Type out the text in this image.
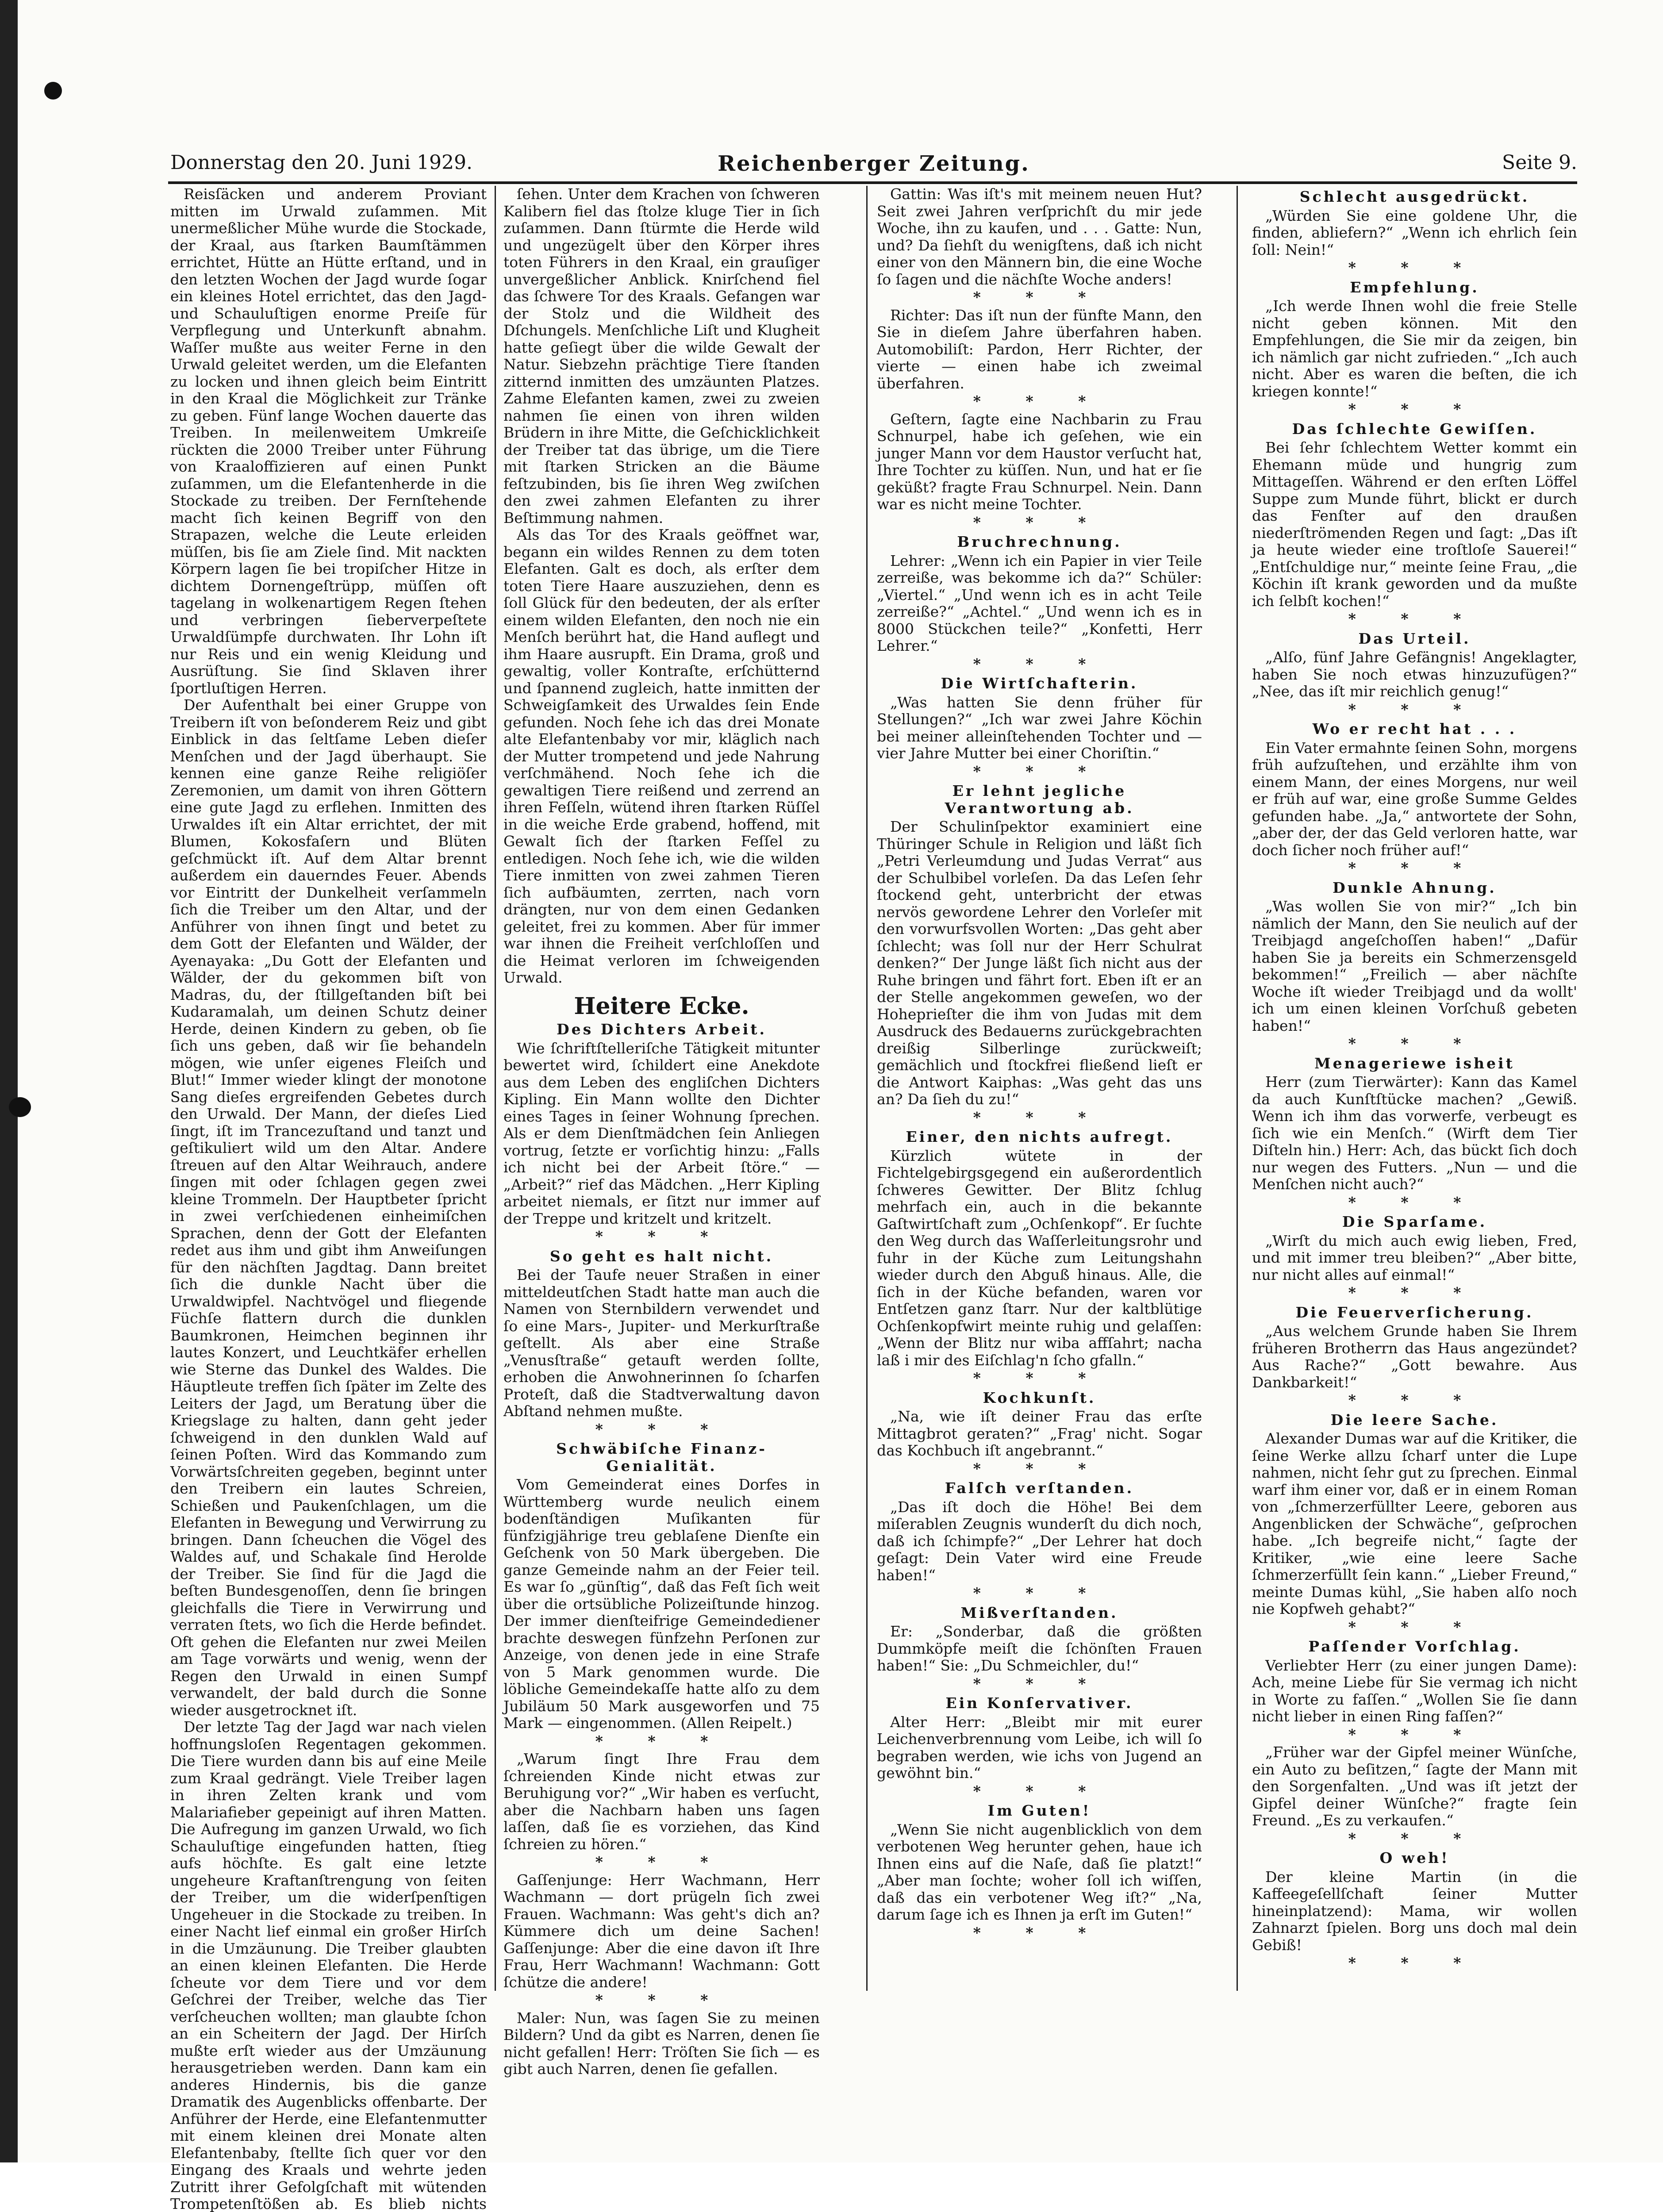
Donnerstag den 20. Juni 1929.	Reichenberger Zeitung.	Seite 9.

Reisſäcken und anderem Proviant mitten im Urwald zuſammen. Mit unermeßlicher Mühe wurde die Stockade, der Kraal, aus ſtarken Baumſtämmen errichtet, Hütte an Hütte erſtand, und in den letzten Wochen der Jagd wurde ſogar ein kleines Hotel errichtet, das den Jagd- und Schauluſtigen enorme Preiſe für Verpflegung und Unterkunft abnahm. Waſſer mußte aus weiter Ferne in den Urwald geleitet werden, um die Elefanten zu locken und ihnen gleich beim Eintritt in den Kraal die Möglichkeit zur Tränke zu geben. Fünf lange Wochen dauerte das Treiben. In meilenweitem Umkreiſe rückten die 2000 Treiber unter Führung von Kraaloffizieren auf einen Punkt zuſammen, um die Elefantenherde in die Stockade zu treiben. Der Fernſtehende macht ſich keinen Begriff von den Strapazen, welche die Leute erleiden müſſen, bis ſie am Ziele ſind. Mit nackten Körpern lagen ſie bei tropiſcher Hitze in dichtem Dornengeſtrüpp, müſſen oft tagelang in wolkenartigem Regen ſtehen und verbringen ſieberverpeſtete Urwaldſümpfe durchwaten. Ihr Lohn iſt nur Reis und ein wenig Kleidung und Ausrüſtung. Sie ſind Sklaven ihrer ſportluſtigen Herren.

Der Aufenthalt bei einer Gruppe von Treibern iſt von beſonderem Reiz und gibt Einblick in das ſeltſame Leben dieſer Menſchen und der Jagd überhaupt. Sie kennen eine ganze Reihe religiöſer Zeremonien, um damit von ihren Göttern eine gute Jagd zu erflehen. Inmitten des Urwaldes iſt ein Altar errichtet, der mit Blumen, Kokosfaſern und Blüten geſchmückt iſt. Auf dem Altar brennt außerdem ein dauerndes Feuer. Abends vor Eintritt der Dunkelheit verſammeln ſich die Treiber um den Altar, und der Anführer von ihnen ſingt und betet zu dem Gott der Elefanten und Wälder, der Ayenayaka: „Du Gott der Elefanten und Wälder, der du gekommen biſt von Madras, du, der ſtillgeſtanden biſt bei Kudaramalah, um deinen Schutz deiner Herde, deinen Kindern zu geben, ob ſie ſich uns geben, daß wir ſie behandeln mögen, wie unſer eigenes Fleiſch und Blut!“ Immer wieder klingt der monotone Sang dieſes ergreifenden Gebetes durch den Urwald. Der Mann, der dieſes Lied ſingt, iſt im Trancezuſtand und tanzt und geſtikuliert wild um den Altar. Andere ſtreuen auf den Altar Weihrauch, andere ſingen mit oder ſchlagen gegen zwei kleine Trommeln. Der Hauptbeter ſpricht in zwei verſchiedenen einheimiſchen Sprachen, denn der Gott der Elefanten redet aus ihm und gibt ihm Anweiſungen für den nächſten Jagdtag. Dann breitet ſich die dunkle Nacht über die Urwaldwipfel. Nachtvögel und fliegende Füchſe flattern durch die dunklen Baumkronen, Heimchen beginnen ihr lautes Konzert, und Leuchtkäfer erhellen wie Sterne das Dunkel des Waldes. Die Häuptleute treffen ſich ſpäter im Zelte des Leiters der Jagd, um Beratung über die Kriegslage zu halten, dann geht jeder ſchweigend in den dunklen Wald auf ſeinen Poſten. Wird das Kommando zum Vorwärtsſchreiten gegeben, beginnt unter den Treibern ein lautes Schreien, Schießen und Paukenſchlagen, um die Elefanten in Bewegung und Verwirrung zu bringen. Dann ſcheuchen die Vögel des Waldes auf, und Schakale ſind Herolde der Treiber. Sie ſind für die Jagd die beſten Bundesgenoſſen, denn ſie bringen gleichfalls die Tiere in Verwirrung und verraten ſtets, wo ſich die Herde befindet. Oft gehen die Elefanten nur zwei Meilen am Tage vorwärts und wenig, wenn der Regen den Urwald in einen Sumpf verwandelt, der bald durch die Sonne wieder ausgetrocknet iſt.

Der letzte Tag der Jagd war nach vielen hoffnungsloſen Regentagen gekommen. Die Tiere wurden dann bis auf eine Meile zum Kraal gedrängt. Viele Treiber lagen in ihren Zelten krank und vom Malariafieber gepeinigt auf ihren Matten. Die Aufregung im ganzen Urwald, wo ſich Schauluſtige eingefunden hatten, ſtieg aufs höchſte. Es galt eine letzte ungeheure Kraftanſtrengung von ſeiten der Treiber, um die widerſpenſtigen Ungeheuer in die Stockade zu treiben. In einer Nacht lief einmal ein großer Hirſch in die Umzäunung. Die Treiber glaubten an einen kleinen Elefanten. Die Herde ſcheute vor dem Tiere und vor dem Geſchrei der Treiber, welche das Tier verſcheuchen wollten; man glaubte ſchon an ein Scheitern der Jagd. Der Hirſch mußte erſt wieder aus der Umzäunung herausgetrieben werden. Dann kam ein anderes Hindernis, bis die ganze Dramatik des Augenblicks offenbarte. Der Anführer der Herde, eine Elefantenmutter mit einem kleinen drei Monate alten Elefantenbaby, ſtellte ſich quer vor den Eingang des Kraals und wehrte jeden Zutritt ihrer Gefolgſchaft mit wütenden Trompetenſtößen ab. Es blieb nichts

ſehen. Unter dem Krachen von ſchweren Kalibern fiel das ſtolze kluge Tier in ſich zuſammen. Dann ſtürmte die Herde wild und ungezügelt über den Körper ihres toten Führers in den Kraal, ein grauſiger unvergeßlicher Anblick. Knirſchend fiel das ſchwere Tor des Kraals. Gefangen war der Stolz und die Wildheit des Dſchungels. Menſchliche Liſt und Klugheit hatte geſiegt über die wilde Gewalt der Natur. Siebzehn prächtige Tiere ſtanden zitternd inmitten des umzäunten Platzes. Zahme Elefanten kamen, zwei zu zweien nahmen ſie einen von ihren wilden Brüdern in ihre Mitte, die Geſchicklichkeit der Treiber tat das übrige, um die Tiere mit ſtarken Stricken an die Bäume feſtzubinden, bis ſie ihren Weg zwiſchen den zwei zahmen Elefanten zu ihrer Beſtimmung nahmen.

Als das Tor des Kraals geöffnet war, begann ein wildes Rennen zu dem toten Elefanten. Galt es doch, als erſter dem toten Tiere Haare auszuziehen, denn es ſoll Glück für den bedeuten, der als erſter einem wilden Elefanten, den noch nie ein Menſch berührt hat, die Hand auflegt und ihm Haare ausrupft. Ein Drama, groß und gewaltig, voller Kontraſte, erſchütternd und ſpannend zugleich, hatte inmitten der Schweigſamkeit des Urwaldes ſein Ende gefunden. Noch ſehe ich das drei Monate alte Elefantenbaby vor mir, kläglich nach der Mutter trompetend und jede Nahrung verſchmähend. Noch ſehe ich die gewaltigen Tiere reißend und zerrend an ihren Feſſeln, wütend ihren ſtarken Rüſſel in die weiche Erde grabend, hoffend, mit Gewalt ſich der ſtarken Feſſel zu entledigen. Noch ſehe ich, wie die wilden Tiere inmitten von zwei zahmen Tieren ſich aufbäumten, zerrten, nach vorn drängten, nur von dem einen Gedanken geleitet, frei zu kommen. Aber für immer war ihnen die Freiheit verſchloſſen und die Heimat verloren im ſchweigenden Urwald.

Heitere Ecke.
Des Dichters Arbeit.

Wie ſchriftſtelleriſche Tätigkeit mitunter bewertet wird, ſchildert eine Anekdote aus dem Leben des engliſchen Dichters Kipling. Ein Mann wollte den Dichter eines Tages in ſeiner Wohnung ſprechen. Als er dem Dienſtmädchen ſein Anliegen vortrug, ſetzte er vorſichtig hinzu: „Falls ich nicht bei der Arbeit ſtöre.“ — „Arbeit?“ rief das Mädchen. „Herr Kipling arbeitet niemals, er ſitzt nur immer auf der Treppe und kritzelt und kritzelt.

* * *
So geht es halt nicht.

Bei der Taufe neuer Straßen in einer mitteldeutſchen Stadt hatte man auch die Namen von Sternbildern verwendet und ſo eine Mars-, Jupiter- und Merkurſtraße geſtellt. Als aber eine Straße „Venusſtraße“ getauft werden ſollte, erhoben die Anwohnerinnen ſo ſcharfen Proteſt, daß die Stadtverwaltung davon Abſtand nehmen mußte.

* * *
Schwäbiſche Finanz-Genialität.

Vom Gemeinderat eines Dorfes in Württemberg wurde neulich einem bodenſtändigen Muſikanten für fünfzigjährige treu geblaſene Dienſte ein Geſchenk von 50 Mark übergeben. Die ganze Gemeinde nahm an der Feier teil. Es war ſo „günſtig“, daß das Feſt ſich weit über die ortsübliche Polizeiſtunde hinzog. Der immer dienſteifrige Gemeindediener brachte deswegen fünfzehn Perſonen zur Anzeige, von denen jede in eine Strafe von 5 Mark genommen wurde. Die löbliche Gemeindekaſſe hatte alſo zu dem Jubiläum 50 Mark ausgeworfen und 75 Mark — eingenommen. (Allen Reipelt.)

* * *

„Warum ſingt Ihre Frau dem ſchreienden Kinde nicht etwas zur Beruhigung vor?“ „Wir haben es verſucht, aber die Nachbarn haben uns ſagen laſſen, daß ſie es vorziehen, das Kind ſchreien zu hören.“

* * *

Gaſſenjunge: Herr Wachmann, Herr Wachmann — dort prügeln ſich zwei Frauen. Wachmann: Was geht's dich an? Kümmere dich um deine Sachen! Gaſſenjunge: Aber die eine davon iſt Ihre Frau, Herr Wachmann! Wachmann: Gott ſchütze die andere!

* * *

Maler: Nun, was ſagen Sie zu meinen Bildern? Und da gibt es Narren, denen ſie nicht gefallen! Herr: Tröſten Sie ſich — es gibt auch Narren, denen ſie gefallen.

Gattin: Was iſt's mit meinem neuen Hut? Seit zwei Jahren verſprichſt du mir jede Woche, ihn zu kaufen, und . . . Gatte: Nun, und? Da ſiehſt du wenigſtens, daß ich nicht einer von den Männern bin, die eine Woche ſo ſagen und die nächſte Woche anders!

* * *

Richter: Das iſt nun der fünfte Mann, den Sie in dieſem Jahre überfahren haben. Automobiliſt: Pardon, Herr Richter, der vierte — einen habe ich zweimal überfahren.

* * *

Geſtern, ſagte eine Nachbarin zu Frau Schnurpel, habe ich geſehen, wie ein junger Mann vor dem Haustor verſucht hat, Ihre Tochter zu küſſen. Nun, und hat er ſie geküßt? fragte Frau Schnurpel. Nein. Dann war es nicht meine Tochter.

* * *
Bruchrechnung.

Lehrer: „Wenn ich ein Papier in vier Teile zerreiße, was bekomme ich da?“ Schüler: „Viertel.“ „Und wenn ich es in acht Teile zerreiße?“ „Achtel.“ „Und wenn ich es in 8000 Stückchen teile?“ „Konfetti, Herr Lehrer.“

* * *
Die Wirtſchafterin.

„Was hatten Sie denn früher für Stellungen?“ „Ich war zwei Jahre Köchin bei meiner alleinſtehenden Tochter und — vier Jahre Mutter bei einer Choriſtin.“

* * *
Er lehnt jegliche Verantwortung ab.

Der Schulinſpektor examiniert eine Thüringer Schule in Religion und läßt ſich „Petri Verleumdung und Judas Verrat“ aus der Schulbibel vorleſen. Da das Leſen ſehr ſtockend geht, unterbricht der etwas nervös gewordene Lehrer den Vorleſer mit den vorwurfsvollen Worten: „Das geht aber ſchlecht; was ſoll nur der Herr Schulrat denken?“ Der Junge läßt ſich nicht aus der Ruhe bringen und fährt fort. Eben iſt er an der Stelle angekommen geweſen, wo der Hoheprieſter die ihm von Judas mit dem Ausdruck des Bedauerns zurückgebrachten dreißig Silberlinge zurückweiſt; gemächlich und ſtockfrei fließend lieſt er die Antwort Kaiphas: „Was geht das uns an? Da ſieh du zu!“

* * *
Einer, den nichts aufregt.

Kürzlich wütete in der Fichtelgebirgsgegend ein außerordentlich ſchweres Gewitter. Der Blitz ſchlug mehrfach ein, auch in die bekannte Gaſtwirtſchaft zum „Ochſenkopf“. Er ſuchte den Weg durch das Waſſerleitungsrohr und fuhr in der Küche zum Leitungshahn wieder durch den Abguß hinaus. Alle, die ſich in der Küche befanden, waren vor Entſetzen ganz ſtarr. Nur der kaltblütige Ochſenkopfwirt meinte ruhig und gelaſſen: „Wenn der Blitz nur wiba affſahrt; nacha laß i mir des Eiſchlag'n ſcho gfalln.“

* * *
Kochkunſt.

„Na, wie iſt deiner Frau das erſte Mittagbrot geraten?“ „Frag' nicht. Sogar das Kochbuch iſt angebrannt.“

* * *
Falſch verſtanden.

„Das iſt doch die Höhe! Bei dem miſerablen Zeugnis wunderſt du dich noch, daß ich ſchimpfe?“ „Der Lehrer hat doch geſagt: Dein Vater wird eine Freude haben!“

* * *
Mißverſtanden.

Er: „Sonderbar, daß die größten Dummköpfe meiſt die ſchönſten Frauen haben!“ Sie: „Du Schmeichler, du!“

* * *
Ein Konſervativer.

Alter Herr: „Bleibt mir mit eurer Leichenverbrennung vom Leibe, ich will ſo begraben werden, wie ichs von Jugend an gewöhnt bin.“

* * *
Im Guten!

„Wenn Sie nicht augenblicklich von dem verbotenen Weg herunter gehen, haue ich Ihnen eins auf die Naſe, daß ſie platzt!“ „Aber man ſochte; woher ſoll ich wiſſen, daß das ein verbotener Weg iſt?“ „Na, darum ſage ich es Ihnen ja erſt im Guten!“

* * *
Schlecht ausgedrückt.

„Würden Sie eine goldene Uhr, die finden, abliefern?“ „Wenn ich ehrlich ſein ſoll: Nein!“

* * *
Empfehlung.

„Ich werde Ihnen wohl die freie Stelle nicht geben können. Mit den Empfehlungen, die Sie mir da zeigen, bin ich nämlich gar nicht zufrieden.“ „Ich auch nicht. Aber es waren die beſten, die ich kriegen konnte!“

* * *
Das ſchlechte Gewiſſen.

Bei ſehr ſchlechtem Wetter kommt ein Ehemann müde und hungrig zum Mittageſſen. Während er den erſten Löffel Suppe zum Munde führt, blickt er durch das Fenſter auf den draußen niederſtrömenden Regen und ſagt: „Das iſt ja heute wieder eine troſtloſe Sauerei!“ „Entſchuldige nur,“ meinte ſeine Frau, „die Köchin iſt krank geworden und da mußte ich ſelbſt kochen!“

* * *
Das Urteil.

„Alſo, fünf Jahre Gefängnis! Angeklagter, haben Sie noch etwas hinzuzufügen?“ „Nee, das iſt mir reichlich genug!“

* * *
Wo er recht hat . . .

Ein Vater ermahnte ſeinen Sohn, morgens früh aufzuſtehen, und erzählte ihm von einem Mann, der eines Morgens, nur weil er früh auf war, eine große Summe Geldes gefunden habe. „Ja,“ antwortete der Sohn, „aber der, der das Geld verloren hatte, war doch ſicher noch früher auf!“

* * *
Dunkle Ahnung.

„Was wollen Sie von mir?“ „Ich bin nämlich der Mann, den Sie neulich auf der Treibjagd angeſchoſſen haben!“ „Dafür haben Sie ja bereits ein Schmerzensgeld bekommen!“ „Freilich — aber nächſte Woche iſt wieder Treibjagd und da wollt' ich um einen kleinen Vorſchuß gebeten haben!“

* * *
Menageriewe isheit

Herr (zum Tierwärter): Kann das Kamel da auch Kunſtſtücke machen? „Gewiß. Wenn ich ihm das vorwerfe, verbeugt es ſich wie ein Menſch.“ (Wirft dem Tier Diſteln hin.) Herr: Ach, das bückt ſich doch nur wegen des Futters. „Nun — und die Menſchen nicht auch?“

* * *
Die Sparſame.

„Wirſt du mich auch ewig lieben, Fred, und mit immer treu bleiben?“ „Aber bitte, nur nicht alles auf einmal!“

* * *
Die Feuerverſicherung.

„Aus welchem Grunde haben Sie Ihrem früheren Brotherrn das Haus angezündet? Aus Rache?“ „Gott bewahre. Aus Dankbarkeit!“

* * *
Die leere Sache.

Alexander Dumas war auf die Kritiker, die ſeine Werke allzu ſcharf unter die Lupe nahmen, nicht ſehr gut zu ſprechen. Einmal warf ihm einer vor, daß er in einem Roman von „ſchmerzerfüllter Leere, geboren aus Angenblicken der Schwäche“, geſprochen habe. „Ich begreife nicht,“ ſagte der Kritiker, „wie eine leere Sache ſchmerzerfüllt ſein kann.“ „Lieber Freund,“ meinte Dumas kühl, „Sie haben alſo noch nie Kopfweh gehabt?“

* * *
Paſſender Vorſchlag.

Verliebter Herr (zu einer jungen Dame): Ach, meine Liebe für Sie vermag ich nicht in Worte zu faſſen.“ „Wollen Sie ſie dann nicht lieber in einen Ring faſſen?“

* * *

„Früher war der Gipfel meiner Wünſche, ein Auto zu beſitzen,“ ſagte der Mann mit den Sorgenfalten. „Und was iſt jetzt der Gipfel deiner Wünſche?“ fragte ſein Freund. „Es zu verkaufen.“

* * *
O weh!

Der kleine Martin (in die Kaffeegeſellſchaft ſeiner Mutter hineinplatzend): Mama, wir wollen Zahnarzt ſpielen. Borg uns doch mal dein Gebiß!

* * *
